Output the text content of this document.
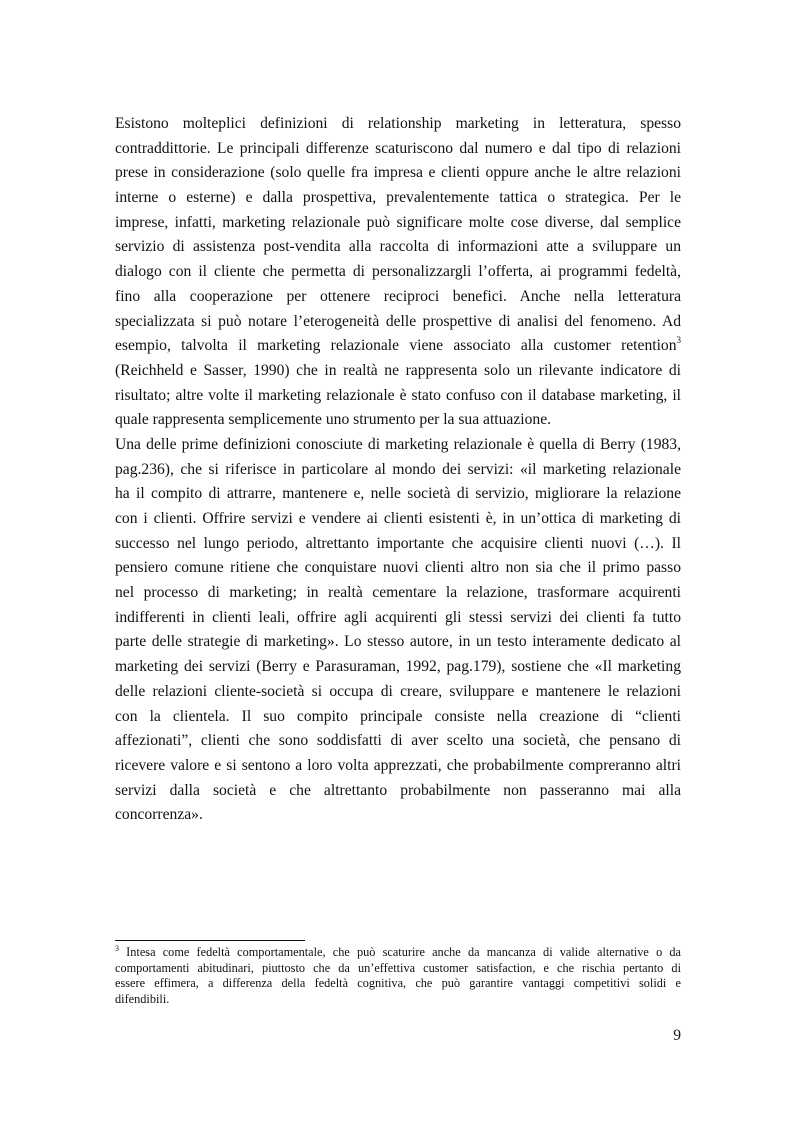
Esistono molteplici definizioni di relationship marketing in letteratura, spesso
contraddittorie. Le principali differenze scaturiscono dal numero e dal tipo di relazioni
prese in considerazione (solo quelle fra impresa e clienti oppure anche le altre relazioni
interne o esterne) e dalla prospettiva, prevalentemente tattica o strategica. Per le
imprese, infatti, marketing relazionale può significare molte cose diverse, dal semplice
servizio di assistenza post-vendita alla raccolta di informazioni atte a sviluppare un
dialogo con il cliente che permetta di personalizzargli l’offerta, ai programmi fedeltà,
fino alla cooperazione per ottenere reciproci benefici. Anche nella letteratura
specializzata si può notare l’eterogeneità delle prospettive di analisi del fenomeno. Ad
esempio, talvolta il marketing relazionale viene associato alla customer retention$^3$
(Reichheld e Sasser, 1990) che in realtà ne rappresenta solo un rilevante indicatore di
risultato; altre volte il marketing relazionale è stato confuso con il database marketing, il
quale rappresenta semplicemente uno strumento per la sua attuazione.
Una delle prime definizioni conosciute di marketing relazionale è quella di Berry (1983,
pag.236), che si riferisce in particolare al mondo dei servizi: «il marketing relazionale
ha il compito di attrarre, mantenere e, nelle società di servizio, migliorare la relazione
con i clienti. Offrire servizi e vendere ai clienti esistenti è, in un’ottica di marketing di
successo nel lungo periodo, altrettanto importante che acquisire clienti nuovi (…). Il
pensiero comune ritiene che conquistare nuovi clienti altro non sia che il primo passo
nel processo di marketing; in realtà cementare la relazione, trasformare acquirenti
indifferenti in clienti leali, offrire agli acquirenti gli stessi servizi dei clienti fa tutto
parte delle strategie di marketing». Lo stesso autore, in un testo interamente dedicato al
marketing dei servizi (Berry e Parasuraman, 1992, pag.179), sostiene che «Il marketing
delle relazioni cliente-società si occupa di creare, sviluppare e mantenere le relazioni
con la clientela. Il suo compito principale consiste nella creazione di “clienti
affezionati”, clienti che sono soddisfatti di aver scelto una società, che pensano di
ricevere valore e si sentono a loro volta apprezzati, che probabilmente compreranno altri
servizi dalla società e che altrettanto probabilmente non passeranno mai alla
concorrenza».
$^3$ Intesa come fedeltà comportamentale, che può scaturire anche da mancanza di valide alternative o da
comportamenti abitudinari, piuttosto che da un’effettiva customer satisfaction, e che rischia pertanto di
essere effimera, a differenza della fedeltà cognitiva, che può garantire vantaggi competitivi solidi e
difendibili.
9
